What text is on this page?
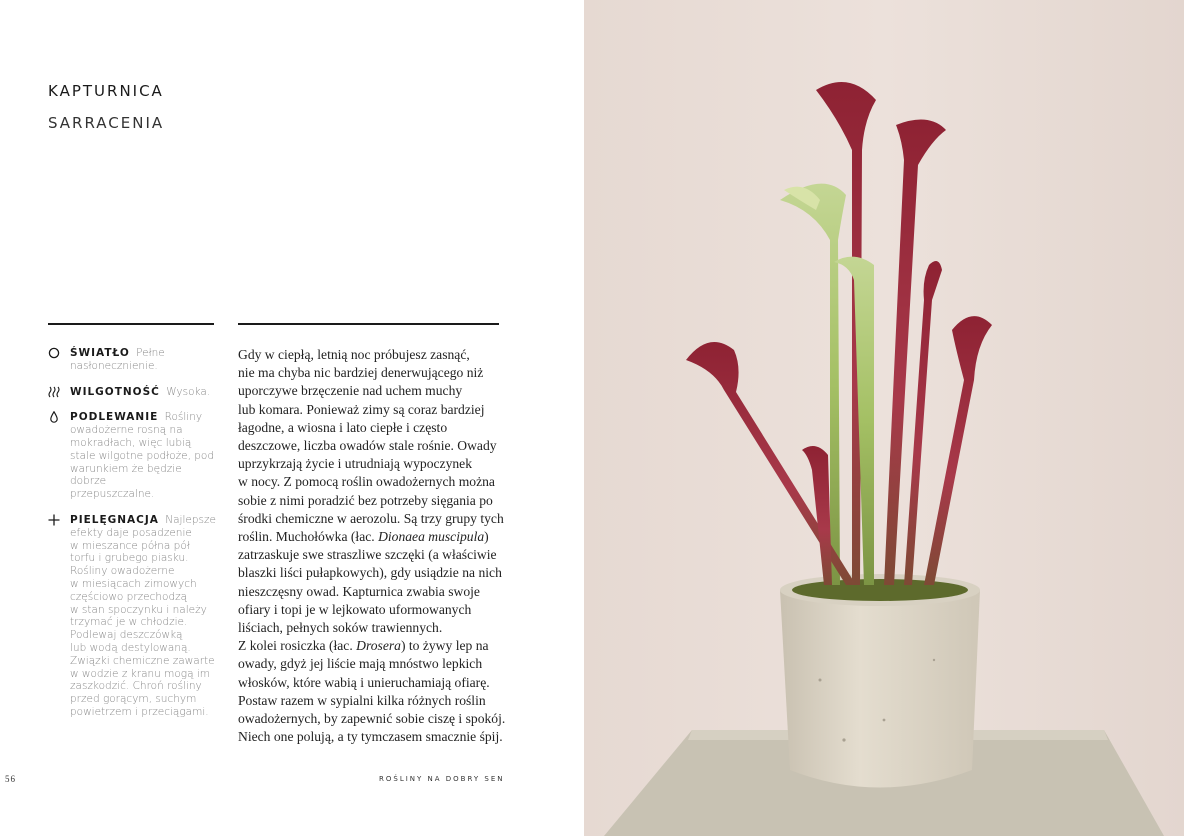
KAPTURNICA
SARRACENIA
ŚWIATŁO Pełne
nasłonecznienie.
WILGOTNOŚĆ Wysoka.
PODLEWANIE Rośliny
owadożerne rosną na
mokradłach, więc lubią
stale wilgotne podłoże, pod
warunkiem że będzie dobrze
przepuszczalne.
PIELĘGNACJA Najlepsze
efekty daje posadzenie
w mieszance półna pół
torfu i grubego piasku.
Rośliny owadożerne
w miesiącach zimowych
częściowo przechodzą
w stan spoczynku i należy
trzymać je w chłodzie.
Podlewaj deszczówką
lub wodą destylowaną.
Związki chemiczne zawarte
w wodzie z kranu mogą im
zaszkodzić. Chroń rośliny
przed gorącym, suchym
powietrzem i przeciągami.

Gdy w ciepłą, letnią noc próbujesz zasnąć,

nie ma chyba nic bardziej denerwującego niż

uporczywe brzęczenie nad uchem muchy

lub komara. Ponieważ zimy są coraz bardziej

łagodne, a wiosna i lato ciepłe i często

deszczowe, liczba owadów stale rośnie. Owady

uprzykrzają życie i utrudniają wypoczynek

w nocy. Z pomocą roślin owadożernych można

sobie z nimi poradzić bez potrzeby sięgania po

środki chemiczne w aerozolu. Są trzy grupy tych

roślin. Muchołówka (łac. Dionaea muscipula)

zatrzaskuje swe straszliwe szczęki (a właściwie

blaszki liści pułapkowych), gdy usiądzie na nich

nieszczęsny owad. Kapturnica zwabia swoje

ofiary i topi je w lejkowato uformowanych

liściach, pełnych soków trawiennych.

Z kolei rosiczka (łac. Drosera) to żywy lep na

owady, gdyż jej liście mają mnóstwo lepkich

włosków, które wabią i unieruchamiają ofiarę.

Postaw razem w sypialni kilka różnych roślin

owadożernych, by zapewnić sobie ciszę i spokój.

Niech one polują, a ty tymczasem smacznie śpij.

56	ROŚLINY NA DOBRY SEN
